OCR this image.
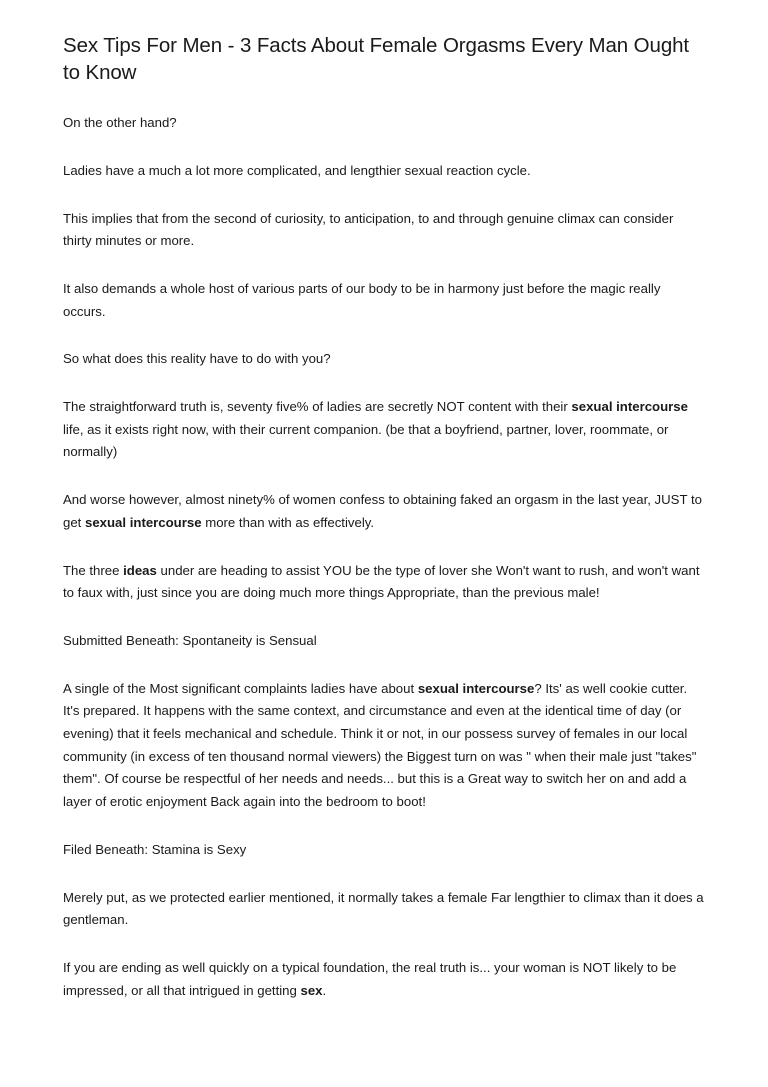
Sex Tips For Men - 3 Facts About Female Orgasms Every Man Ought to Know

On the other hand?

Ladies have a much a lot more complicated, and lengthier sexual reaction cycle.

This implies that from the second of curiosity, to anticipation, to and through genuine climax can consider thirty minutes or more.

It also demands a whole host of various parts of our body to be in harmony just before the magic really occurs.

So what does this reality have to do with you?

The straightforward truth is, seventy five% of ladies are secretly NOT content with their sexual intercourse life, as it exists right now, with their current companion. (be that a boyfriend, partner, lover, roommate, or normally)

And worse however, almost ninety% of women confess to obtaining faked an orgasm in the last year, JUST to get sexual intercourse more than with as effectively.

The three ideas under are heading to assist YOU be the type of lover she Won't want to rush, and won't want to faux with, just since you are doing much more things Appropriate, than the previous male!

Submitted Beneath: Spontaneity is Sensual

A single of the Most significant complaints ladies have about sexual intercourse? Its' as well cookie cutter. It's prepared. It happens with the same context, and circumstance and even at the identical time of day (or evening) that it feels mechanical and schedule. Think it or not, in our possess survey of females in our local community (in excess of ten thousand normal viewers) the Biggest turn on was " when their male just "takes" them". Of course be respectful of her needs and needs... but this is a Great way to switch her on and add a layer of erotic enjoyment Back again into the bedroom to boot!

Filed Beneath: Stamina is Sexy

Merely put, as we protected earlier mentioned, it normally takes a female Far lengthier to climax than it does a gentleman.

If you are ending as well quickly on a typical foundation, the real truth is... your woman is NOT likely to be impressed, or all that intrigued in getting sex.
